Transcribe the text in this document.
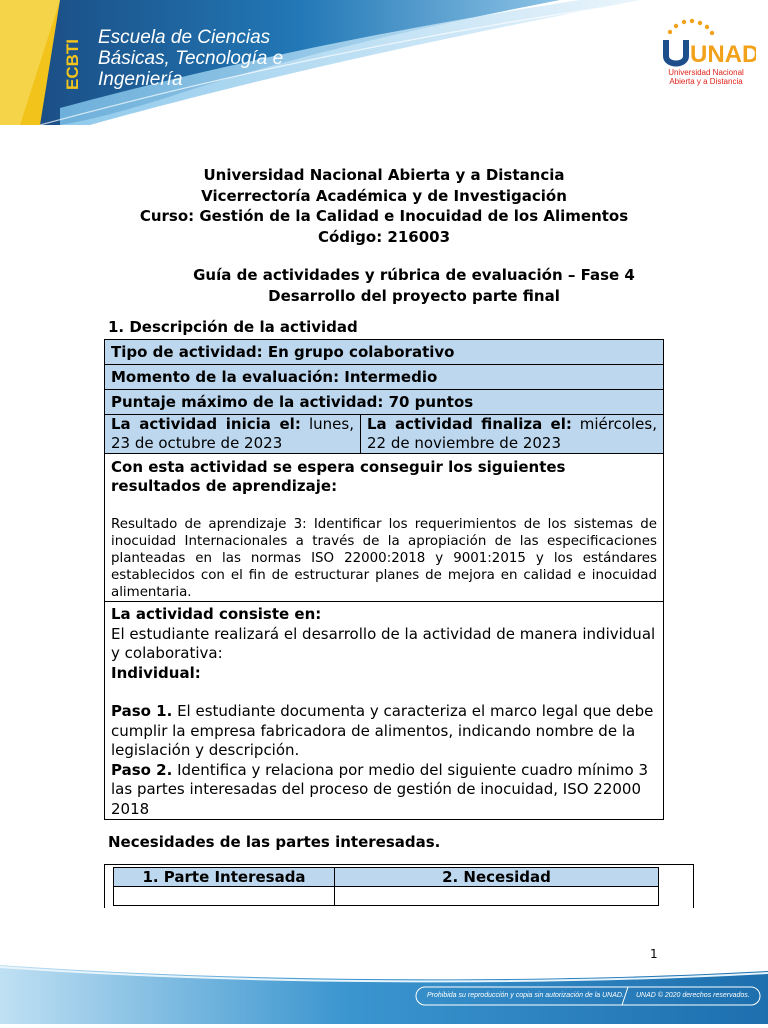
ECBTI
Escuela de Ciencias
Básicas, Tecnología e
Ingeniería
UNAD
Universidad Nacional
Abierta y a Distancia
Universidad Nacional Abierta y a Distancia
Vicerrectoría Académica y de Investigación
Curso: Gestión de la Calidad e Inocuidad de los Alimentos
Código: 216003
Guía de actividades y rúbrica de evaluación – Fase 4
Desarrollo del proyecto parte final
1. Descripción de la actividad
Tipo de actividad: En grupo colaborativo
Momento de la evaluación: Intermedio
Puntaje máximo de la actividad: 70 puntos
La actividad inicia el: lunes, 23 de octubre de 2023	La actividad finaliza el: miércoles, 22 de noviembre de 2023

Con esta actividad se espera conseguir los siguientes resultados de aprendizaje:
Resultado de aprendizaje 3: Identificar los requerimientos de los sistemas de inocuidad Internacionales a través de la apropiación de las especificaciones planteadas en las normas ISO 22000:2018 y 9001:2015 y los estándares establecidos con el fin de estructurar planes de mejora en calidad e inocuidad alimentaria.

La actividad consiste en:
El estudiante realizará el desarrollo de la actividad de manera individual y colaborativa:
Individual:
Paso 1. El estudiante documenta y caracteriza el marco legal que debe cumplir la empresa fabricadora de alimentos, indicando nombre de la legislación y descripción.
Paso 2. Identifica y relaciona por medio del siguiente cuadro mínimo 3 las partes interesadas del proceso de gestión de inocuidad, ISO 22000 2018
Necesidades de las partes interesadas.
1. Parte Interesada	2. Necesidad

1
Prohibida su reproducción y copia sin autorización de la UNAD. UNAD © 2020 derechos reservados.
